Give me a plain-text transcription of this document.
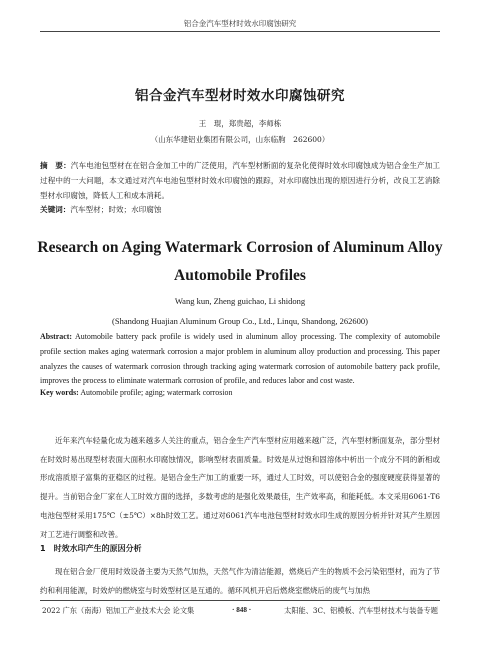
铝合金汽车型材时效水印腐蚀研究
铝合金汽车型材时效水印腐蚀研究
王　琨，郑贵超，李师栋
（山东华建铝业集团有限公司，山东临朐　262600）
摘　要：汽车电池包型材在在铝合金加工中的广泛使用，汽车型材断面的复杂化使得时效水印腐蚀成为铝合金生产加工过程中的一大问题，本文通过对汽车电池包型材时效水印腐蚀的跟踪，对水印腐蚀出现的原因进行分析，改良工艺消除型材水印腐蚀，降低人工和成本消耗。
关键词：汽车型材；时效；水印腐蚀
Research on Aging Watermark Corrosion of Aluminum Alloy Automobile Profiles
Wang kun, Zheng guichao, Li shidong
(Shandong Huajian Aluminum Group Co., Ltd., Linqu, Shandong, 262600)
Abstract: Automobile battery pack profile is widely used in aluminum alloy processing. The complexity of automobile profile section makes aging watermark corrosion a major problem in aluminum alloy production and processing. This paper analyzes the causes of watermark corrosion through tracking aging watermark corrosion of automobile battery pack profile, improves the process to eliminate watermark corrosion of profile, and reduces labor and cost waste.
Key words: Automobile profile; aging; watermark corrosion
近年来汽车轻量化成为越来越多人关注的重点，铝合金生产汽车型材应用越来越广泛，汽车型材断面复杂，部分型材在时效时易出现型材表面大面积水印腐蚀情况，影响型材表面质量。时效是从过饱和固溶体中析出一个成分不同的新相或形成溶质原子富集的亚稳区的过程。是铝合金生产加工的重要一环，通过人工时效，可以使铝合金的强度硬度获得显著的提升。当前铝合金厂家在人工时效方面的选择，多数考虑的是强化效果最佳，生产效率高，和能耗低。本文采用6061-T6电池包型材采用175℃（±5℃）×8h时效工艺。通过对6061汽车电池包型材时效水印生成的原因分析并针对其产生原因对工艺进行调整和改善。
1　时效水印产生的原因分析
现在铝合金厂使用时效设备主要为天然气加热，天然气作为清洁能源，燃烧后产生的物质不会污染铝型材，而为了节约和利用能源，时效炉的燃烧室与时效型材区是互通的。循环风机开启后燃烧室燃烧后的废气与加热
2022 广东（南海）铝加工产业技术大会 论文集	· 848 ·	太阳能、3C、铝模板、汽车型材技术与装备专题
